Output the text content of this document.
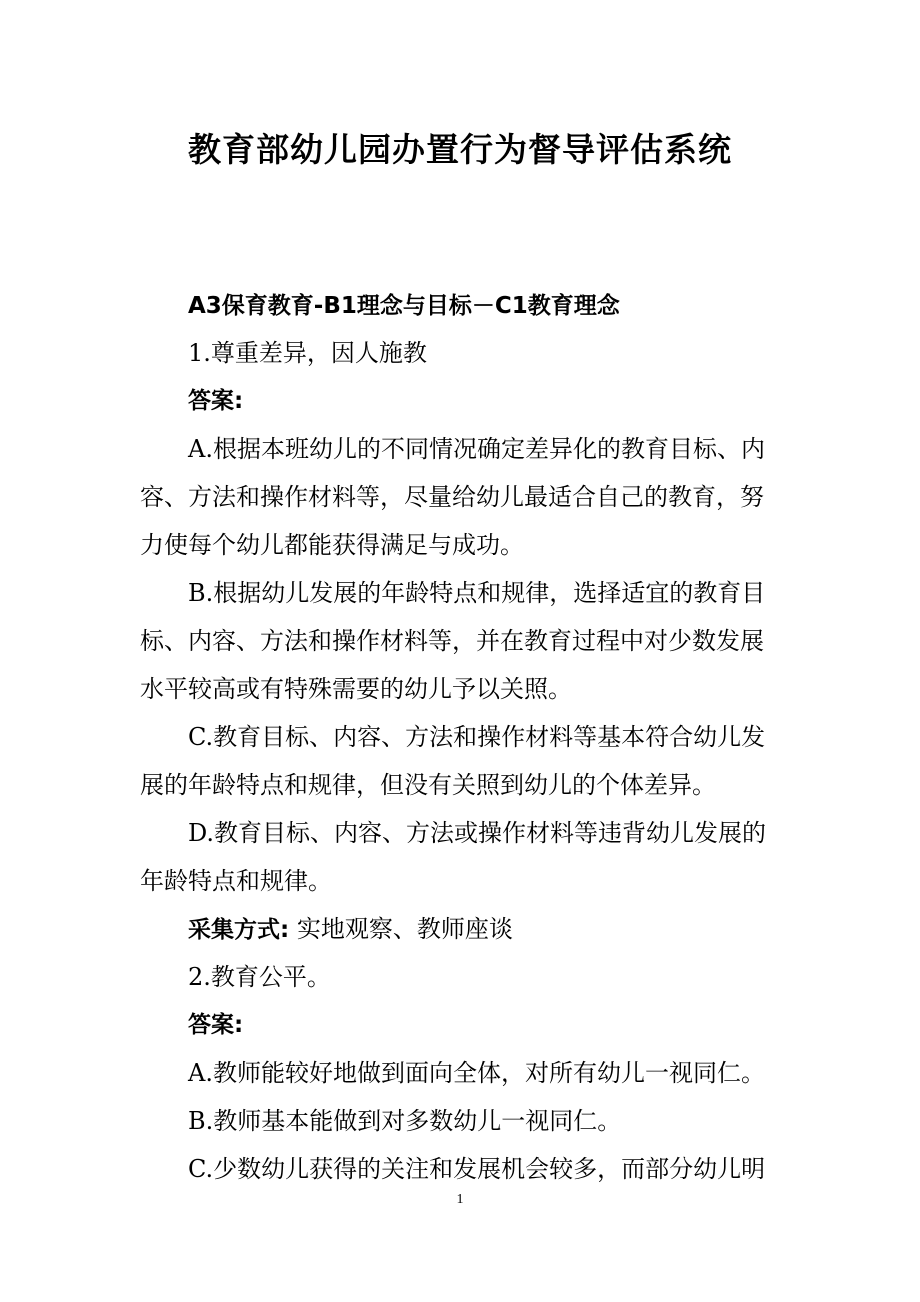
教育部幼儿园办置行为督导评估系统
A3保育教育-B1理念与目标－C1教育理念
1.尊重差异，因人施教
答案:
A.根据本班幼儿的不同情况确定差异化的教育目标、内
容、方法和操作材料等，尽量给幼儿最适合自己的教育，努
力使每个幼儿都能获得满足与成功。
B.根据幼儿发展的年龄特点和规律，选择适宜的教育目
标、内容、方法和操作材料等，并在教育过程中对少数发展
水平较高或有特殊需要的幼儿予以关照。
C.教育目标、内容、方法和操作材料等基本符合幼儿发
展的年龄特点和规律，但没有关照到幼儿的个体差异。
D.教育目标、内容、方法或操作材料等违背幼儿发展的
年龄特点和规律。
采集方式: 实地观察、教师座谈
2.教育公平。
答案:
A.教师能较好地做到面向全体，对所有幼儿一视同仁。
B.教师基本能做到对多数幼儿一视同仁。
C.少数幼儿获得的关注和发展机会较多，而部分幼儿明
1
